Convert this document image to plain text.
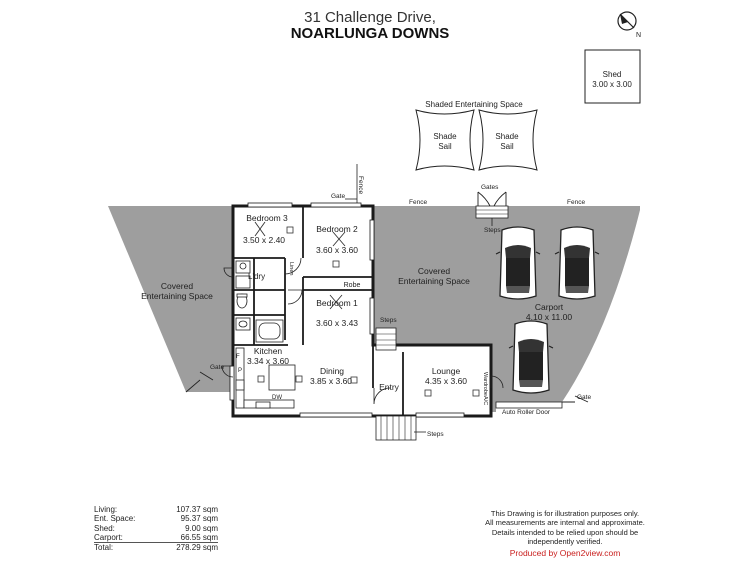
31 Challenge Drive,
NOARLUNGA DOWNS	N
Shed
3.00 x 3.00
Shaded Entertaining Space
Shade
Sail
Shade
Sail
Gate
Fence
Fence	Fence
Gates
Steps
F
P
DW
Bedroom 3
3.50 x 2.40
Bedroom 2
3.60 x 3.60
Robe
Bedroom 1
3.60 x 3.43
Linen
L'dry
Kitchen
3.34 x 3.60
Dining
3.85 x 3.60
Lounge
4.35 x 3.60
Entry	Wardrobe
A/C
Covered
Entertaining Space
Covered
Entertaining Space
Carport
4.10 x 11.00
Auto Roller Door
Gate
Gate
Steps
Steps
Living:	107.37 sqm
Ent. Space:	95.37 sqm
Shed:	9.00 sqm
Carport:	66.55 sqm
Total:	278.29 sqm
This Drawing is for illustration purposes only.
All measurements are internal and approximate.
Details intended to be relied upon should be
independently verified.
Produced by Open2view.com
